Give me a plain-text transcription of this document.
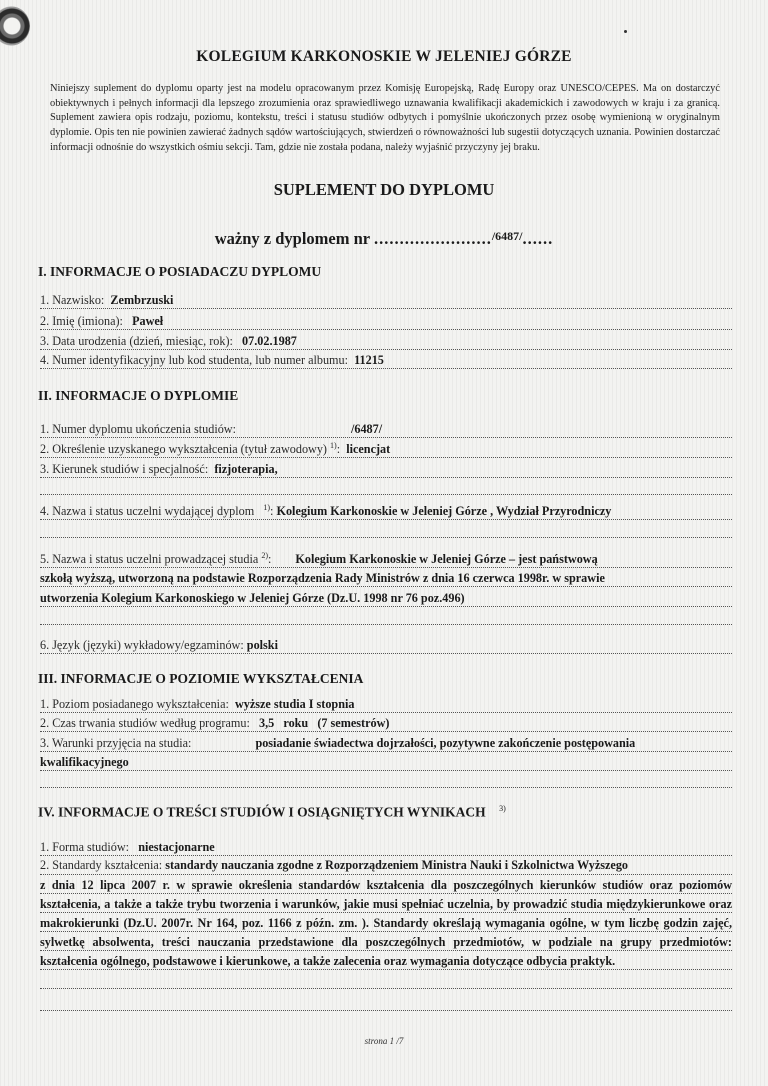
KOLEGIUM KARKONOSKIE W JELENIEJ GÓRZE
Niniejszy suplement do dyplomu oparty jest na modelu opracowanym przez Komisję Europejską, Radę Europy oraz UNESCO/CEPES. Ma on dostarczyć obiektywnych i pełnych informacji dla lepszego zrozumienia oraz sprawiedliwego uznawania kwalifikacji akademickich i zawodowych w kraju i za granicą. Suplement zawiera opis rodzaju, poziomu, kontekstu, treści i statusu studiów odbytych i pomyślnie ukończonych przez osobę wymienioną w oryginalnym dyplomie. Opis ten nie powinien zawierać żadnych sądów wartościujących, stwierdzeń o równoważności lub sugestii dotyczących uznania. Powinien dostarczać informacji odnośnie do wszystkich ośmiu sekcji. Tam, gdzie nie została podana, należy wyjaśnić przyczyny jej braku.
SUPLEMENT DO DYPLOMU
ważny z dyplomem nr .......................$^{/6487/}$......
I. INFORMACJE O POSIADACZU DYPLOMU
1. Nazwisko: Zembrzuski
2. Imię (imiona): Paweł
3. Data urodzenia (dzień, miesiąc, rok): 07.02.1987
4. Numer identyfikacyjny lub kod studenta, lub numer albumu: 11215
II. INFORMACJE O DYPLOMIE
1. Numer dyplomu ukończenia studiów:	/6487/
2. Określenie uzyskanego wykształcenia (tytuł zawodowy) $^{1)}$: licencjat
3. Kierunek studiów i specjalność: fizjoterapia,
4. Nazwa i status uczelni wydającej dyplom $^{1)}$: Kolegium Karkonoskie w Jeleniej Górze , Wydział Przyrodniczy
5. Nazwa i status uczelni prowadzącej studia $^{2)}$: Kolegium Karkonoskie w Jeleniej Górze – jest państwową
szkołą wyższą, utworzoną na podstawie Rozporządzenia Rady Ministrów z dnia 16 czerwca 1998r. w sprawie
utworzenia Kolegium Karkonoskiego w Jeleniej Górze (Dz.U. 1998 nr 76 poz.496)
6. Język (języki) wykładowy/egzaminów: polski
III. INFORMACJE O POZIOMIE WYKSZTAŁCENIA
1. Poziom posiadanego wykształcenia: wyższe studia I stopnia
2. Czas trwania studiów według programu: 3,5   roku   (7 semestrów)
3. Warunki przyjęcia na studia:	posiadanie świadectwa dojrzałości, pozytywne zakończenie postępowania
kwalifikacyjnego
IV. INFORMACJE O TREŚCI STUDIÓW I OSIĄGNIĘTYCH WYNIKACH $^{3)}$
1. Forma studiów: niestacjonarne
2. Standardy kształcenia: standardy nauczania zgodne z Rozporządzeniem Ministra Nauki i Szkolnictwa Wyższego
z dnia 12 lipca 2007 r. w sprawie określenia standardów kształcenia dla poszczególnych kierunków studiów oraz poziomów kształcenia, a także a także trybu tworzenia i warunków, jakie musi spełniać uczelnia, by prowadzić studia międzykierunkowe oraz makrokierunki (Dz.U. 2007r. Nr 164, poz. 1166 z późn. zm. ). Standardy określają wymagania ogólne, w tym liczbę godzin zajęć, sylwetkę absolwenta, treści nauczania przedstawione dla poszczególnych przedmiotów, w podziale na grupy przedmiotów: kształcenia ogólnego, podstawowe i kierunkowe, a także zalecenia oraz wymagania dotyczące odbycia praktyk.
strona 1 /7
